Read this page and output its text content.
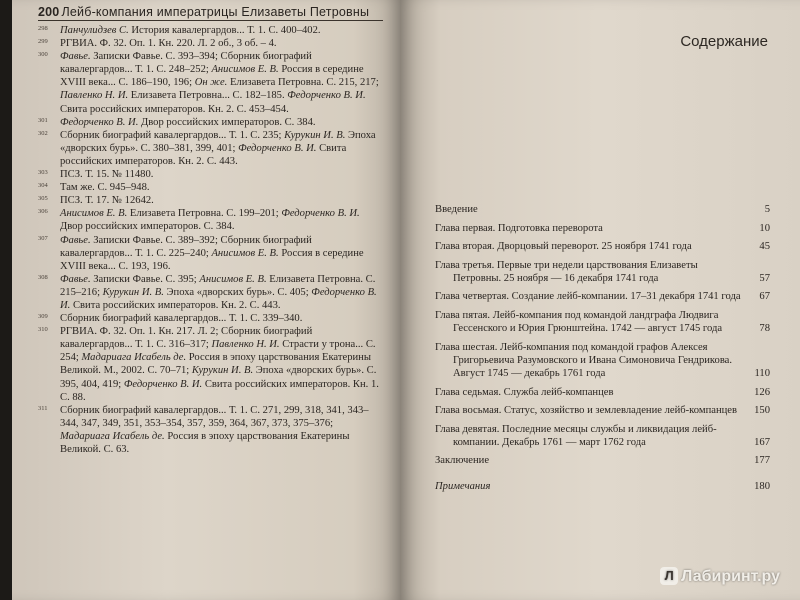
200 Лейб-компания императрицы Елизаветы Петровны
298 Панчулидзев С. История кавалергардов... Т. 1. С. 400–402.
299 РГВИА. Ф. 32. Оп. 1. Кн. 220. Л. 2 об., 3 об. – 4.
300 Фавье. Записки Фавье. С. 393–394; Сборник биографий кавалергардов... Т. 1. С. 248–252; Анисимов Е. В. Россия в середине XVIII века... С. 186–190, 196; Он же. Елизавета Петровна. С. 215, 217; Павленко Н. И. Елизавета Петровна... С. 182–185. Федорченко В. И. Свита российских императоров. Кн. 2. С. 453–454.
301 Федорченко В. И. Двор российских императоров. С. 384.
302 Сборник биографий кавалергардов... Т. 1. С. 235; Курукин И. В. Эпоха «дворских бурь». С. 380–381, 399, 401; Федорченко В. И. Свита российских императоров. Кн. 2. С. 443.
303 ПСЗ. Т. 15. № 11480.
304 Там же. С. 945–948.
305 ПСЗ. Т. 17. № 12642.
306 Анисимов Е. В. Елизавета Петровна. С. 199–201; Федорченко В. И. Двор российских императоров. С. 384.
307 Фавье. Записки Фавье. С. 389–392; Сборник биографий кавалергардов... Т. 1. С. 225–240; Анисимов Е. В. Россия в середине XVIII века... С. 193, 196.
308 Фавье. Записки Фавье. С. 395; Анисимов Е. В. Елизавета Петровна. С. 215–216; Курукин И. В. Эпоха «дворских бурь». С. 405; Федорченко В. И. Свита российских императоров. Кн. 2. С. 443.
309 Сборник биографий кавалергардов... Т. 1. С. 339–340.
310 РГВИА. Ф. 32. Оп. 1. Кн. 217. Л. 2; Сборник биографий кавалергардов... Т. 1. С. 316–317; Павленко Н. И. Страсти у трона... С. 254; Мадариага Исабель де. Россия в эпоху царствования Екатерины Великой. М., 2002. С. 70–71; Курукин И. В. Эпоха «дворских бурь». С. 395, 404, 419; Федорченко В. И. Свита российских императоров. Кн. 1. С. 88.
311 Сборник биографий кавалергардов... Т. 1. С. 271, 299, 318, 341, 343–344, 347, 349, 351, 353–354, 357, 359, 364, 367, 373, 375–376; Мадариага Исабель де. Россия в эпоху царствования Екатерины Великой. С. 63.
Содержание
Введение	5
Глава первая. Подготовка переворота	10
Глава вторая. Дворцовый переворот. 25 ноября 1741 года	45
Глава третья. Первые три недели царствования Елизаветы Петровны. 25 ноября — 16 декабря 1741 года	57
Глава четвертая. Создание лейб-компании. 17–31 декабря 1741 года	67
Глава пятая. Лейб-компания под командой ландграфа Людвига Гессенского и Юрия Грюнштейна. 1742 — август 1745 года	78
Глава шестая. Лейб-компания под командой графов Алексея Григорьевича Разумовского и Ивана Симоновича Гендрикова. Август 1745 — декабрь 1761 года	110
Глава седьмая. Служба лейб-компанцев	126
Глава восьмая. Статус, хозяйство и землевладение лейб-компанцев	150
Глава девятая. Последние месяцы службы и ликвидация лейб-компании. Декабрь 1761 — март 1762 года	167
Заключение	177
Примечания	180
Л Лабиринт.ру
